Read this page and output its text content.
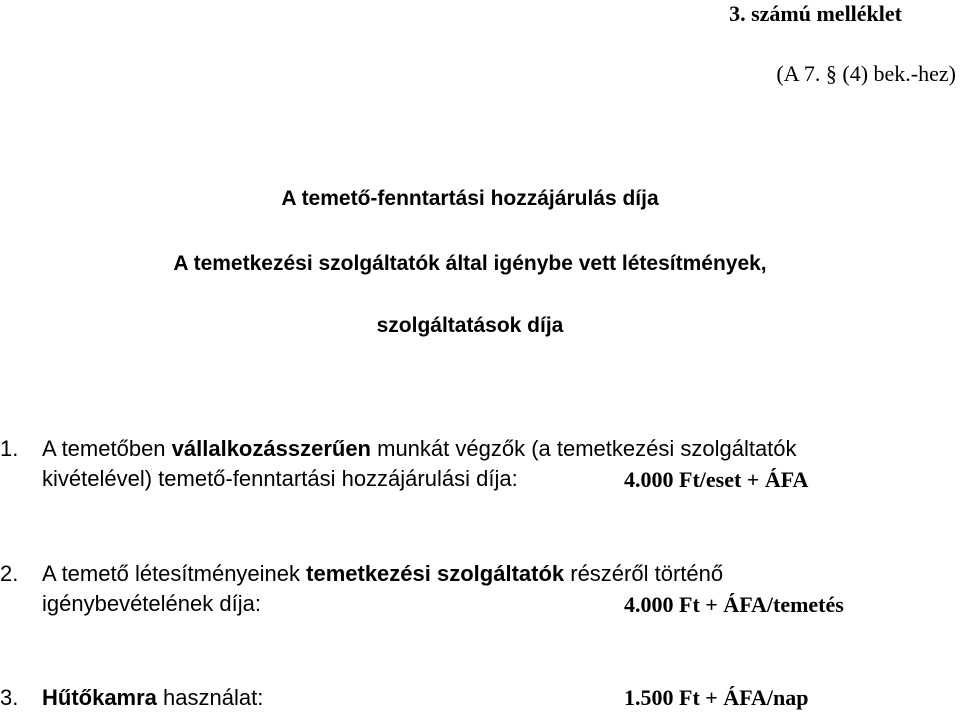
3. számú melléklet
(A 7. § (4) bek.-hez)
A temető-fenntartási hozzájárulás díja
A temetkezési szolgáltatók által igénybe vett létesítmények,
szolgáltatások díja
1. A temetőben vállalkozásszerűen munkát végzők (a temetkezési szolgáltatók
kivételével) temető-fenntartási hozzájárulási díja:	4.000 Ft/eset + ÁFA
2. A temető létesítményeinek temetkezési szolgáltatók részéről történő
igénybevételének díja:	4.000 Ft + ÁFA/temetés
3. Hűtőkamra használat:	1.500 Ft + ÁFA/nap
